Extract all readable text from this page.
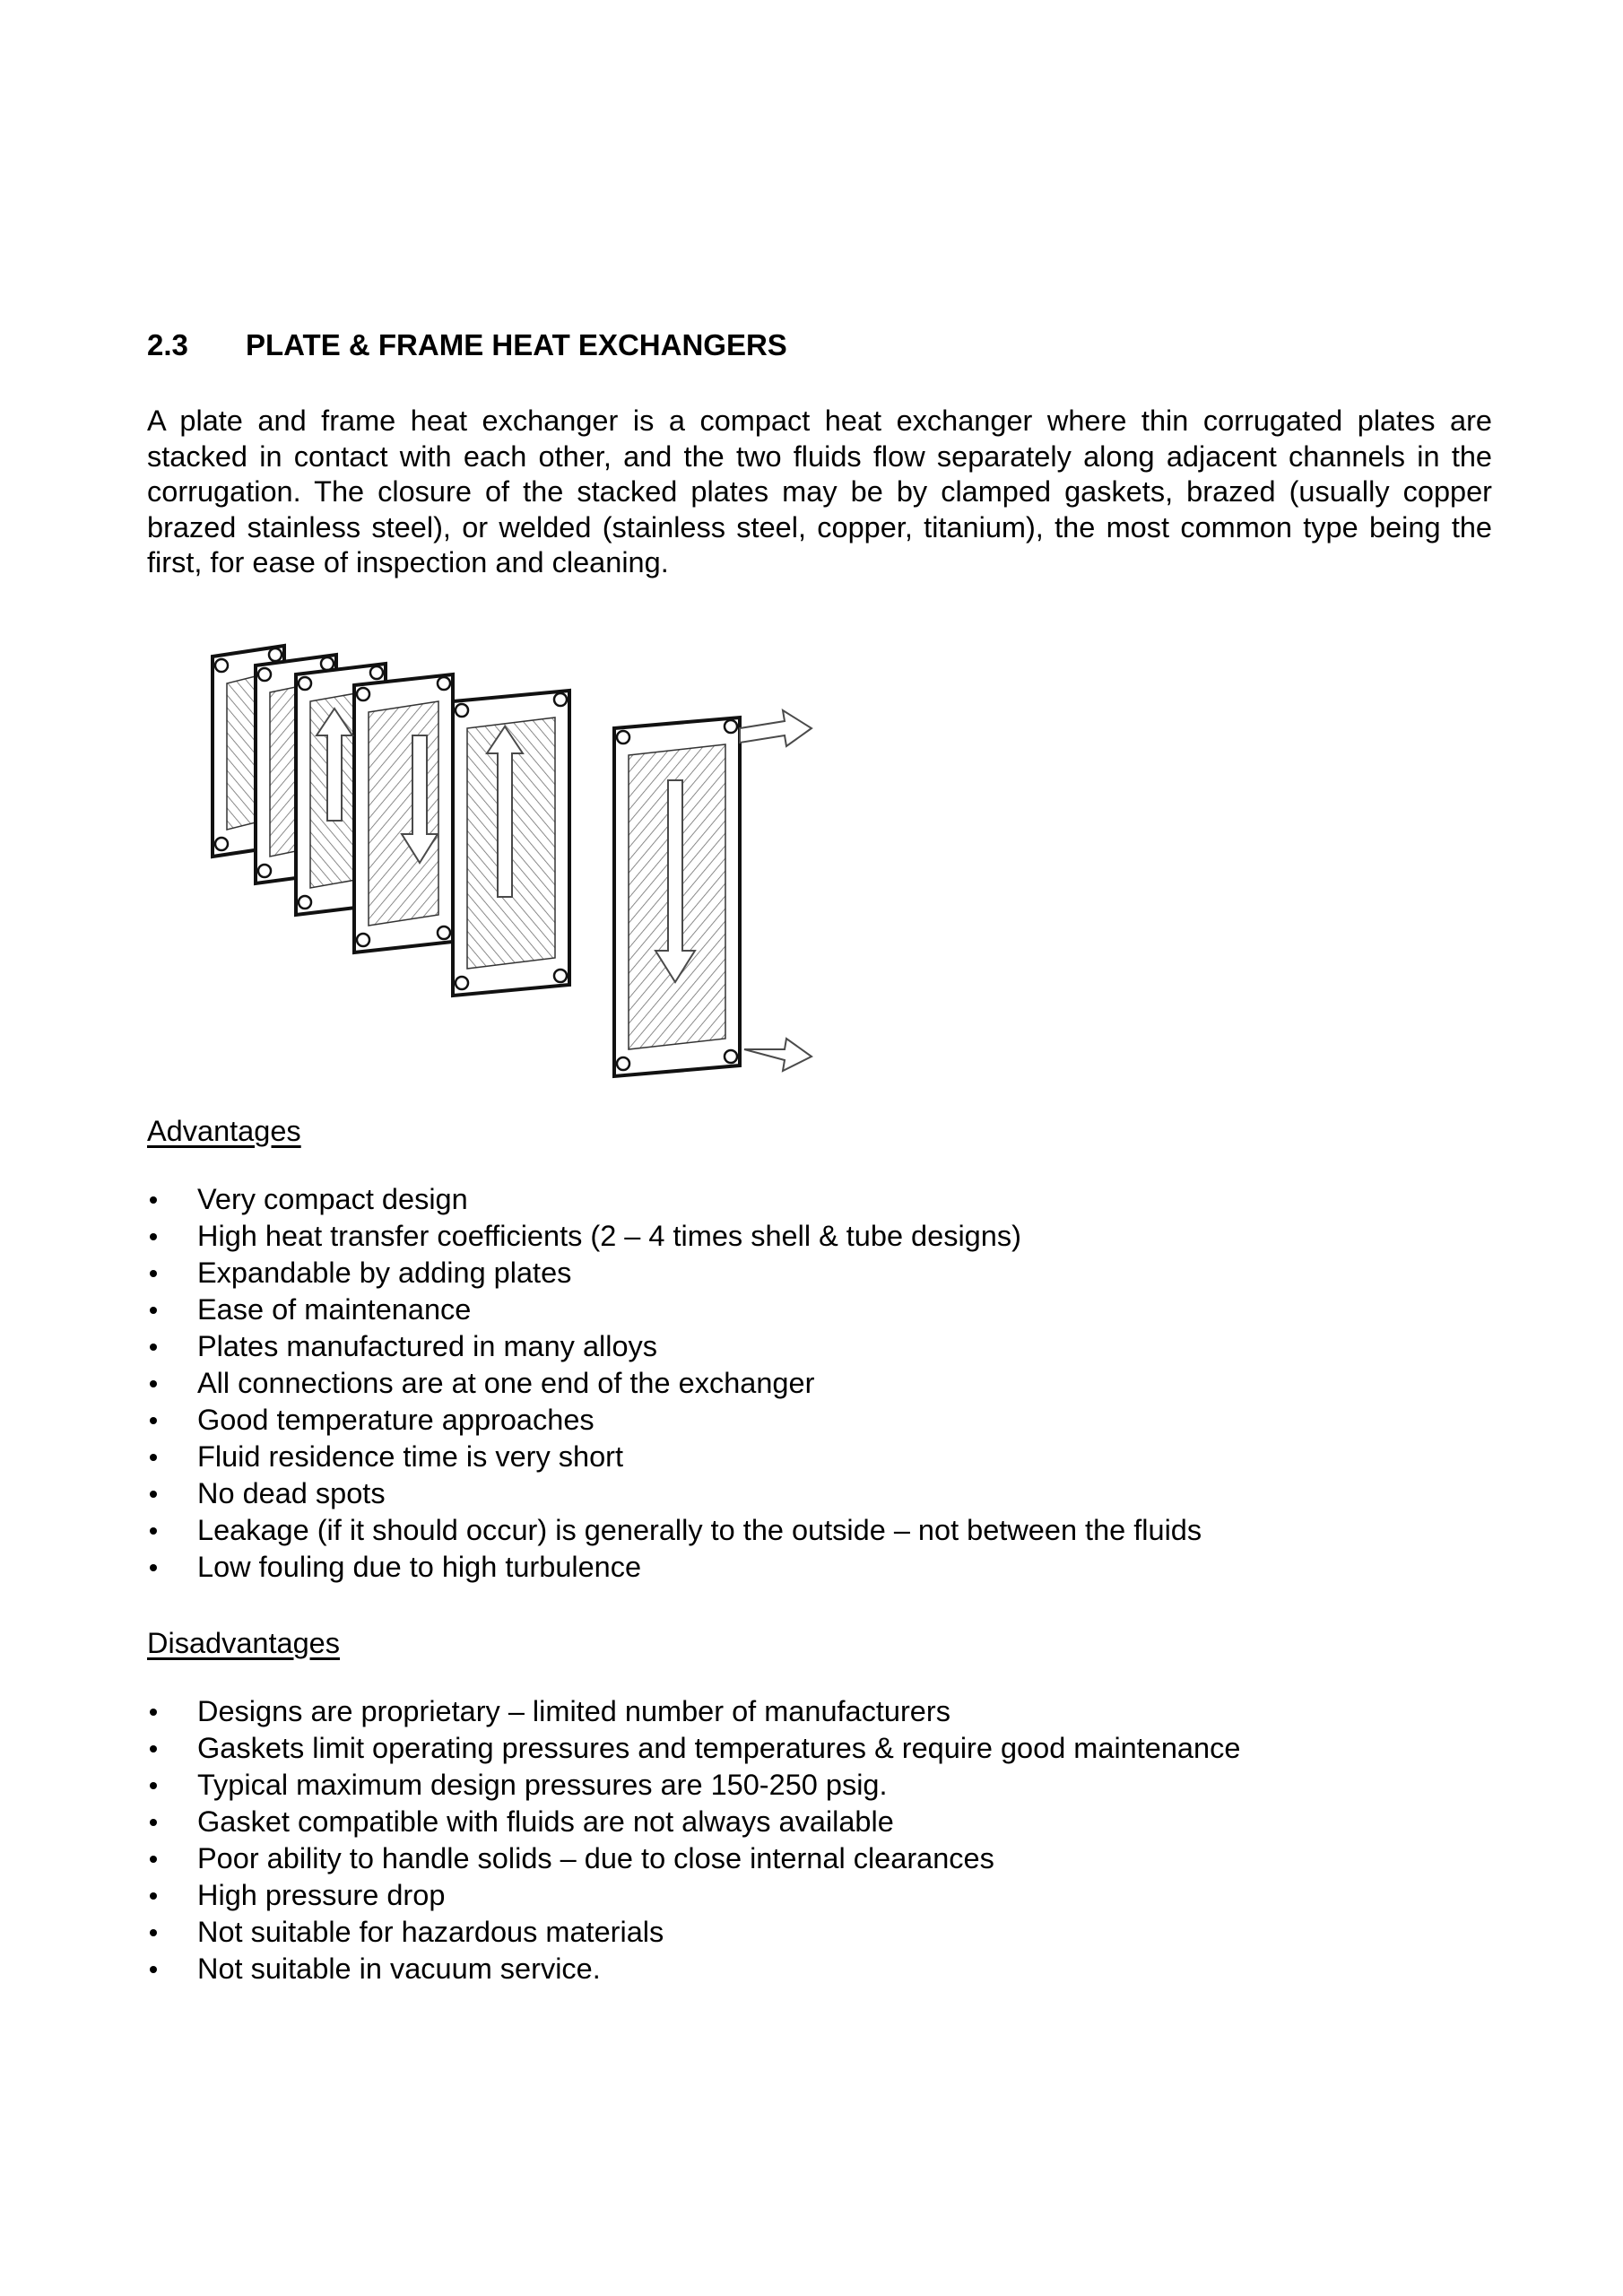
2.3	PLATE & FRAME HEAT EXCHANGERS

A plate and frame heat exchanger is a compact heat exchanger where thin corrugated plates are stacked in contact with each other, and the two fluids flow separately along adjacent channels in the corrugation. The closure of the stacked plates may be by clamped gaskets, brazed (usually copper brazed stainless steel), or welded (stainless steel, copper, titanium), the most common type being the first, for ease of inspection and cleaning.

Advantages
Very compact design
High heat transfer coefficients (2 – 4 times shell & tube designs)
Expandable by adding plates
Ease of maintenance
Plates manufactured in many alloys
All connections are at one end of the exchanger
Good temperature approaches
Fluid residence time is very short
No dead spots
Leakage (if it should occur) is generally to the outside – not between the fluids
Low fouling due to high turbulence
Disadvantages
Designs are proprietary – limited number of manufacturers
Gaskets limit operating pressures and temperatures & require good maintenance
Typical maximum design pressures are 150-250 psig.
Gasket compatible with fluids are not always available
Poor ability to handle solids – due to close internal clearances
High pressure drop
Not suitable for hazardous materials
Not suitable in vacuum service.
